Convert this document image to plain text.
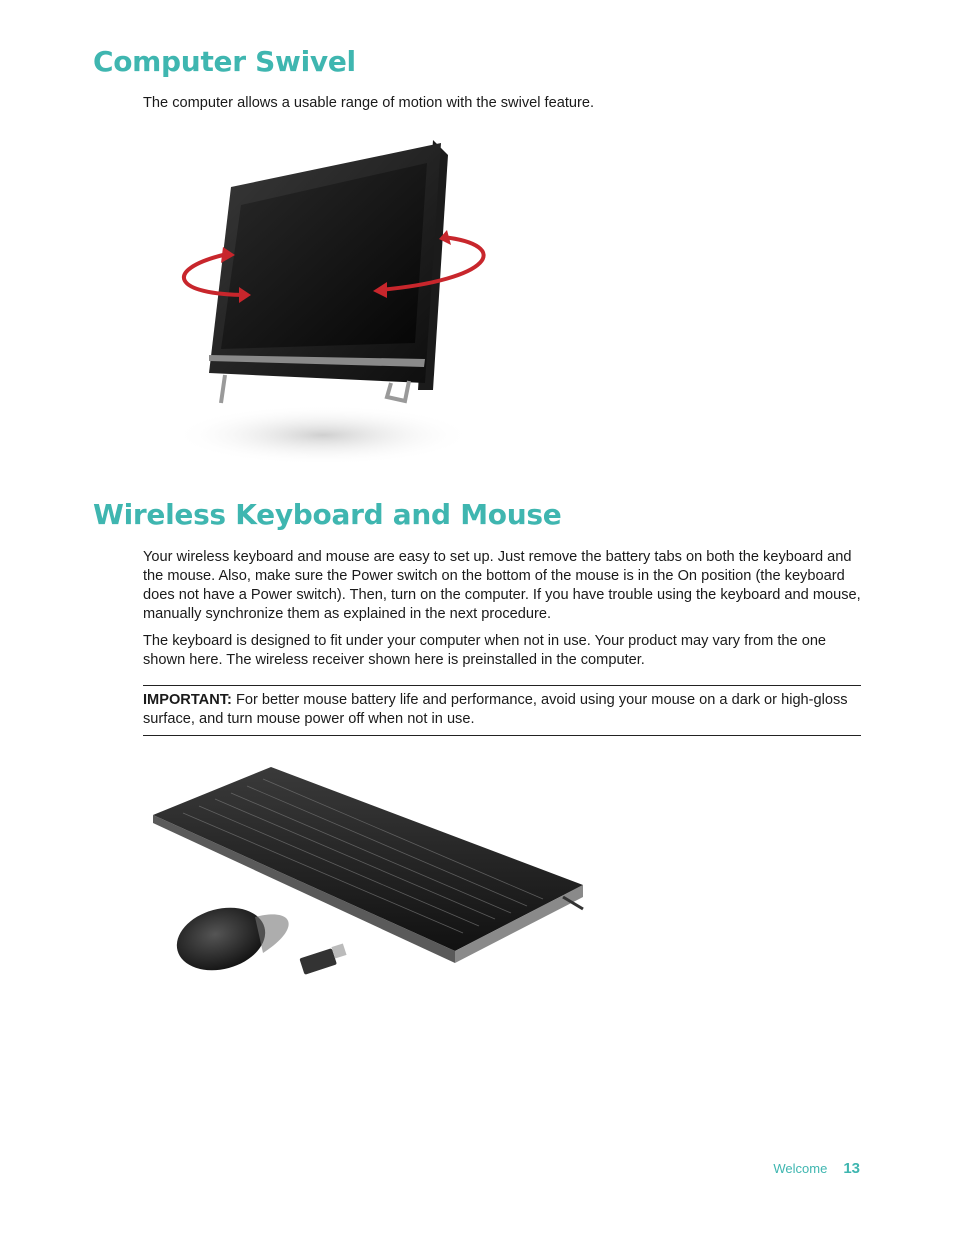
Computer Swivel

The computer allows a usable range of motion with the swivel feature.

Wireless Keyboard and Mouse

Your wireless keyboard and mouse are easy to set up. Just remove the battery tabs on both the keyboard and the mouse. Also, make sure the Power switch on the bottom of the mouse is in the On position (the keyboard does not have a Power switch). Then, turn on the computer. If you have trouble using the keyboard and mouse, manually synchronize them as explained in the next procedure.

The keyboard is designed to fit under your computer when not in use. Your product may vary from the one shown here. The wireless receiver shown here is preinstalled in the computer.

IMPORTANT: For better mouse battery life and performance, avoid using your mouse on a dark or high-gloss surface, and turn mouse power off when not in use.

Welcome 13
